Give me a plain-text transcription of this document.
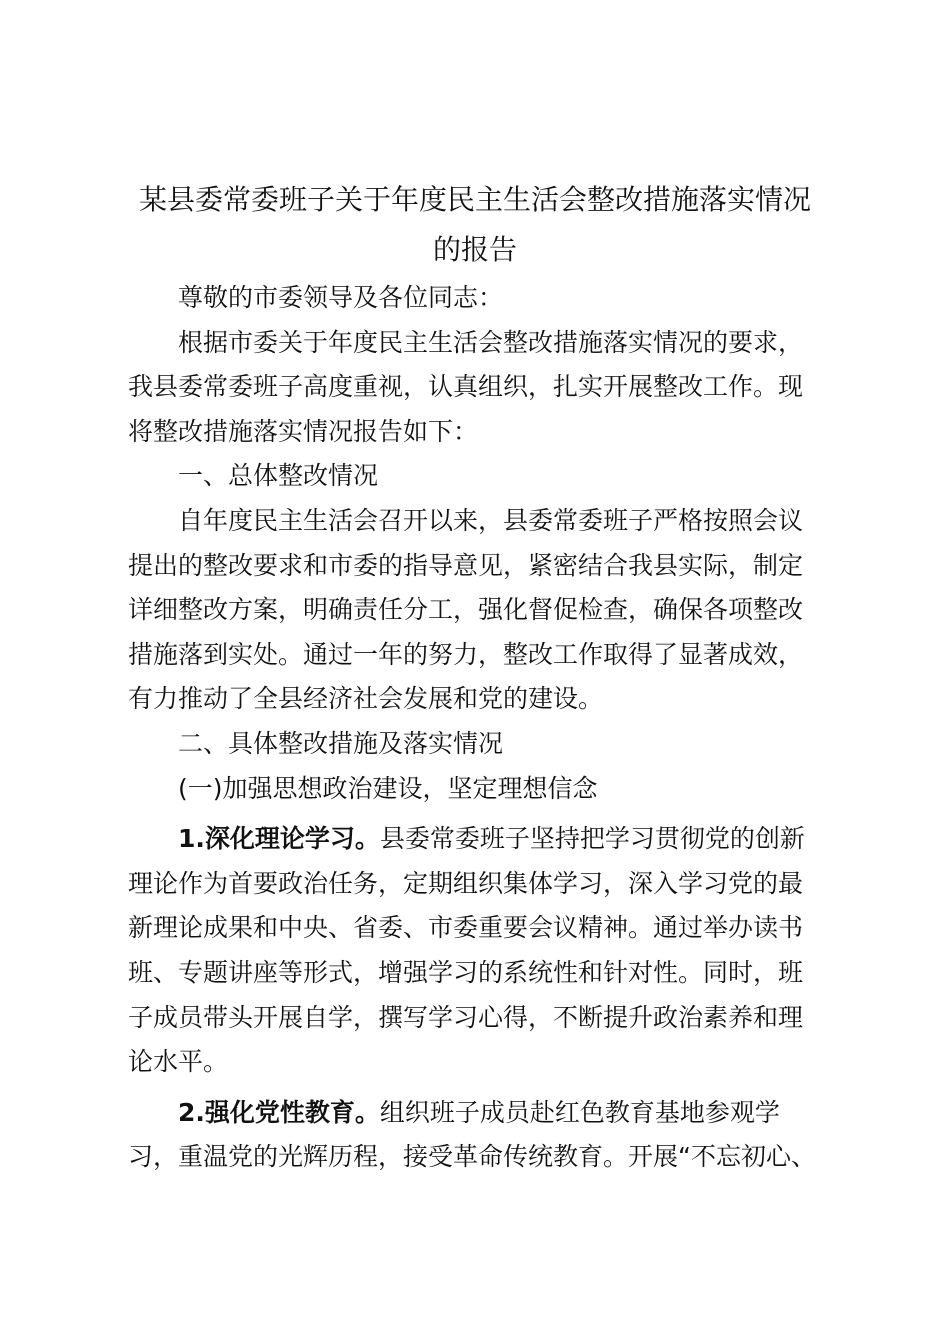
某县委常委班子关于年度民主生活会整改措施落实情况
的报告

尊敬的市委领导及各位同志：

根据市委关于年度民主生活会整改措施落实情况的要求，我县委常委班子高度重视，认真组织，扎实开展整改工作。现将整改措施落实情况报告如下：

一、总体整改情况

自年度民主生活会召开以来，县委常委班子严格按照会议提出的整改要求和市委的指导意见，紧密结合我县实际，制定详细整改方案，明确责任分工，强化督促检查，确保各项整改措施落到实处。通过一年的努力，整改工作取得了显著成效，有力推动了全县经济社会发展和党的建设。

二、具体整改措施及落实情况

(一)加强思想政治建设，坚定理想信念

1.深化理论学习。县委常委班子坚持把学习贯彻党的创新理论作为首要政治任务，定期组织集体学习，深入学习党的最新理论成果和中央、省委、市委重要会议精神。通过举办读书班、专题讲座等形式，增强学习的系统性和针对性。同时，班子成员带头开展自学，撰写学习心得，不断提升政治素养和理论水平。

2.强化党性教育。组织班子成员赴红色教育基地参观学习，重温党的光辉历程，接受革命传统教育。开展“不忘初心、
